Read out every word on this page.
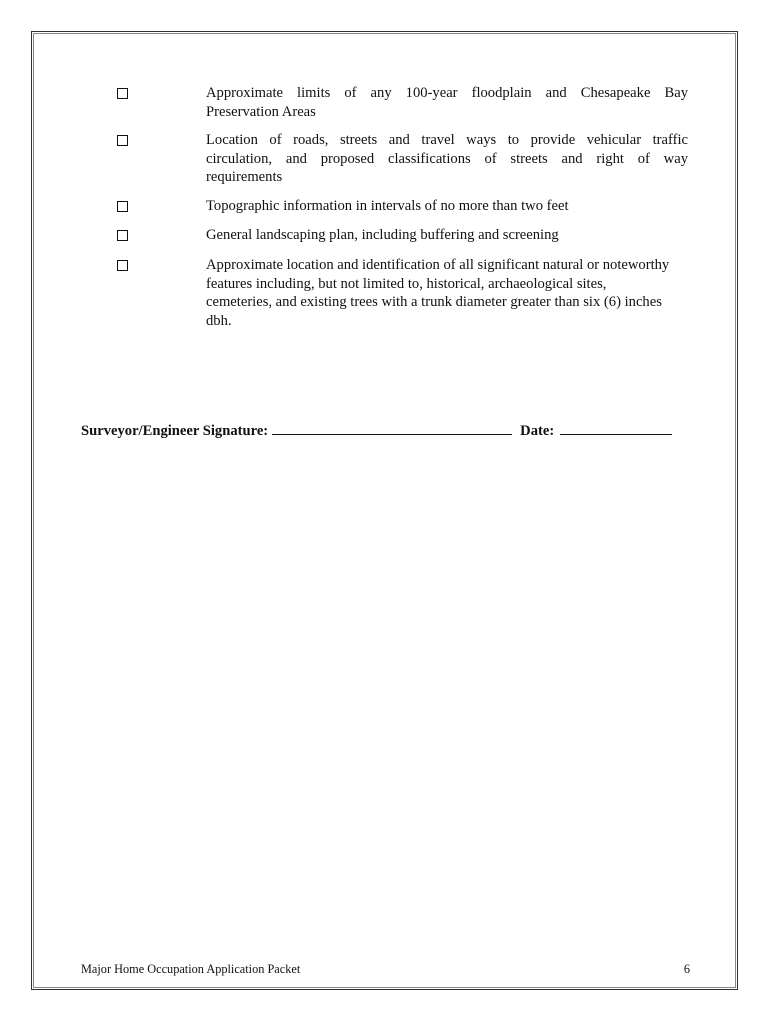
Approximate limits of any 100-year floodplain and Chesapeake Bay
Preservation Areas
Location of roads, streets and travel ways to provide vehicular traffic
circulation, and proposed classifications of streets and right of way
requirements
Topographic information in intervals of no more than two feet
General landscaping plan, including buffering and screening
Approximate location and identification of all significant natural or noteworthy
features including, but not limited to, historical, archaeological sites,
cemeteries, and existing trees with a trunk diameter greater than six (6) inches
dbh.
Surveyor/Engineer Signature:	Date:
Major Home Occupation Application Packet	6
